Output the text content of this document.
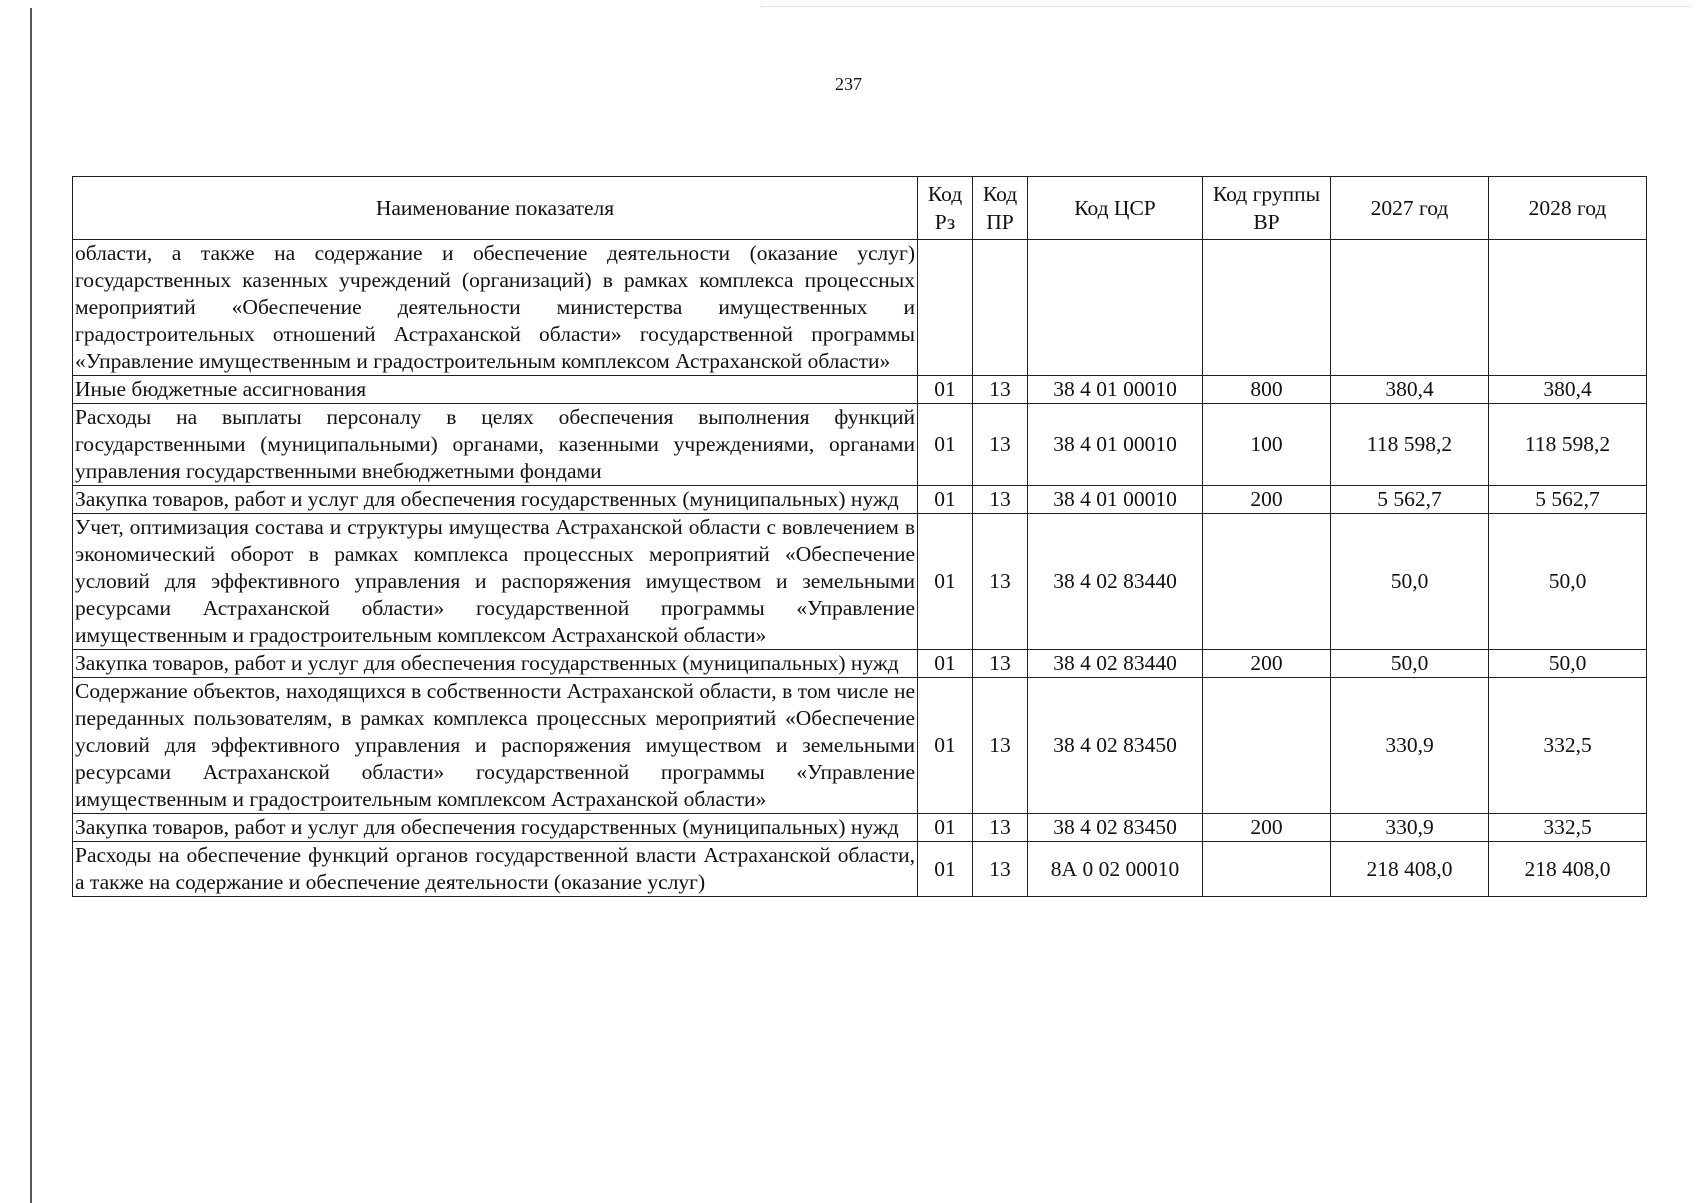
237
Наименование показателя	Код Рз	Код ПР	Код ЦСР	Код группы ВР	2027 год	2028 год
области, а также на содержание и обеспечение деятельности (оказание услуг) государственных казенных учреждений (организаций) в рамках комплекса процессных мероприятий «Обеспечение деятельности министерства имущественных и градостроительных отношений Астраханской области» государственной программы «Управление имущественным и градостроительным комплексом Астраханской области»						
Иные бюджетные ассигнования	01	13	38 4 01 00010	800	380,4	380,4
Расходы на выплаты персоналу в целях обеспечения выполнения функций государственными (муниципальными) органами, казенными учреждениями, органами управления государственными внебюджетными фондами	01	13	38 4 01 00010	100	118 598,2	118 598,2
Закупка товаров, работ и услуг для обеспечения государственных (муниципальных) нужд	01	13	38 4 01 00010	200	5 562,7	5 562,7
Учет, оптимизация состава и структуры имущества Астраханской области с вовлечением в экономический оборот в рамках комплекса процессных мероприятий «Обеспечение условий для эффективного управления и распоряжения имуществом и земельными ресурсами Астраханской области» государственной программы «Управление имущественным и градостроительным комплексом Астраханской области»	01	13	38 4 02 83440		50,0	50,0
Закупка товаров, работ и услуг для обеспечения государственных (муниципальных) нужд	01	13	38 4 02 83440	200	50,0	50,0
Содержание объектов, находящихся в собственности Астраханской области, в том числе не переданных пользователям, в рамках комплекса процессных мероприятий «Обеспечение условий для эффективного управления и распоряжения имуществом и земельными ресурсами Астраханской области» государственной программы «Управление имущественным и градостроительным комплексом Астраханской области»	01	13	38 4 02 83450		330,9	332,5
Закупка товаров, работ и услуг для обеспечения государственных (муниципальных) нужд	01	13	38 4 02 83450	200	330,9	332,5
Расходы на обеспечение функций органов государственной власти Астраханской области, а также на содержание и обеспечение деятельности (оказание услуг)	01	13	8А 0 02 00010		218 408,0	218 408,0
